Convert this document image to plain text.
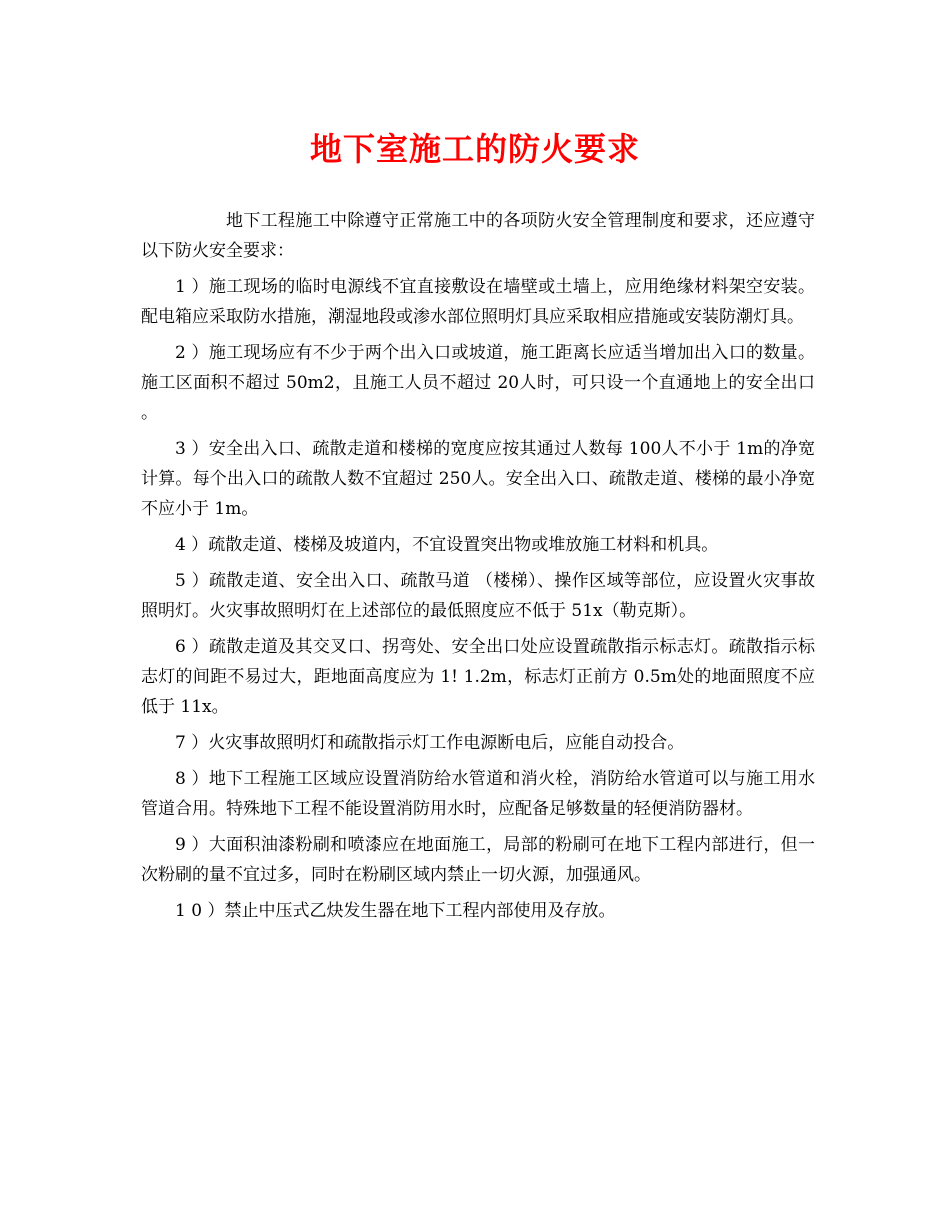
地下室施工的防火要求

地下工程施工中除遵守正常施工中的各项防火安全管理制度和要求，还应遵守以下防火安全要求：

1 ）施工现场的临时电源线不宜直接敷设在墙壁或土墙上，应用绝缘材料架空安装。配电箱应采取防水措施，潮湿地段或渗水部位照明灯具应采取相应措施或安装防潮灯具。

2 ）施工现场应有不少于两个出入口或坡道，施工距离长应适当增加出入口的数量。施工区面积不超过 50m2，且施工人员不超过 20人时，可只设一个直通地上的安全出口。

3 ）安全出入口、疏散走道和楼梯的宽度应按其通过人数每 100人不小于 1m的净宽计算。每个出入口的疏散人数不宜超过 250人。安全出入口、疏散走道、楼梯的最小净宽不应小于 1m。

4 ）疏散走道、楼梯及坡道内，不宜设置突出物或堆放施工材料和机具。

5 ）疏散走道、安全出入口、疏散马道 （楼梯）、操作区域等部位，应设置火灾事故照明灯。火灾事故照明灯在上述部位的最低照度应不低于 51x（勒克斯）。

6 ）疏散走道及其交叉口、拐弯处、安全出口处应设置疏散指示标志灯。疏散指示标志灯的间距不易过大，距地面高度应为 1! 1.2m，标志灯正前方 0.5m处的地面照度不应低于 11x。

7 ）火灾事故照明灯和疏散指示灯工作电源断电后，应能自动投合。

8 ）地下工程施工区域应设置消防给水管道和消火栓，消防给水管道可以与施工用水管道合用。特殊地下工程不能设置消防用水时，应配备足够数量的轻便消防器材。

9 ）大面积油漆粉刷和喷漆应在地面施工，局部的粉刷可在地下工程内部进行，但一次粉刷的量不宜过多，同时在粉刷区域内禁止一切火源，加强通风。

1 0 ）禁止中压式乙炔发生器在地下工程内部使用及存放。
